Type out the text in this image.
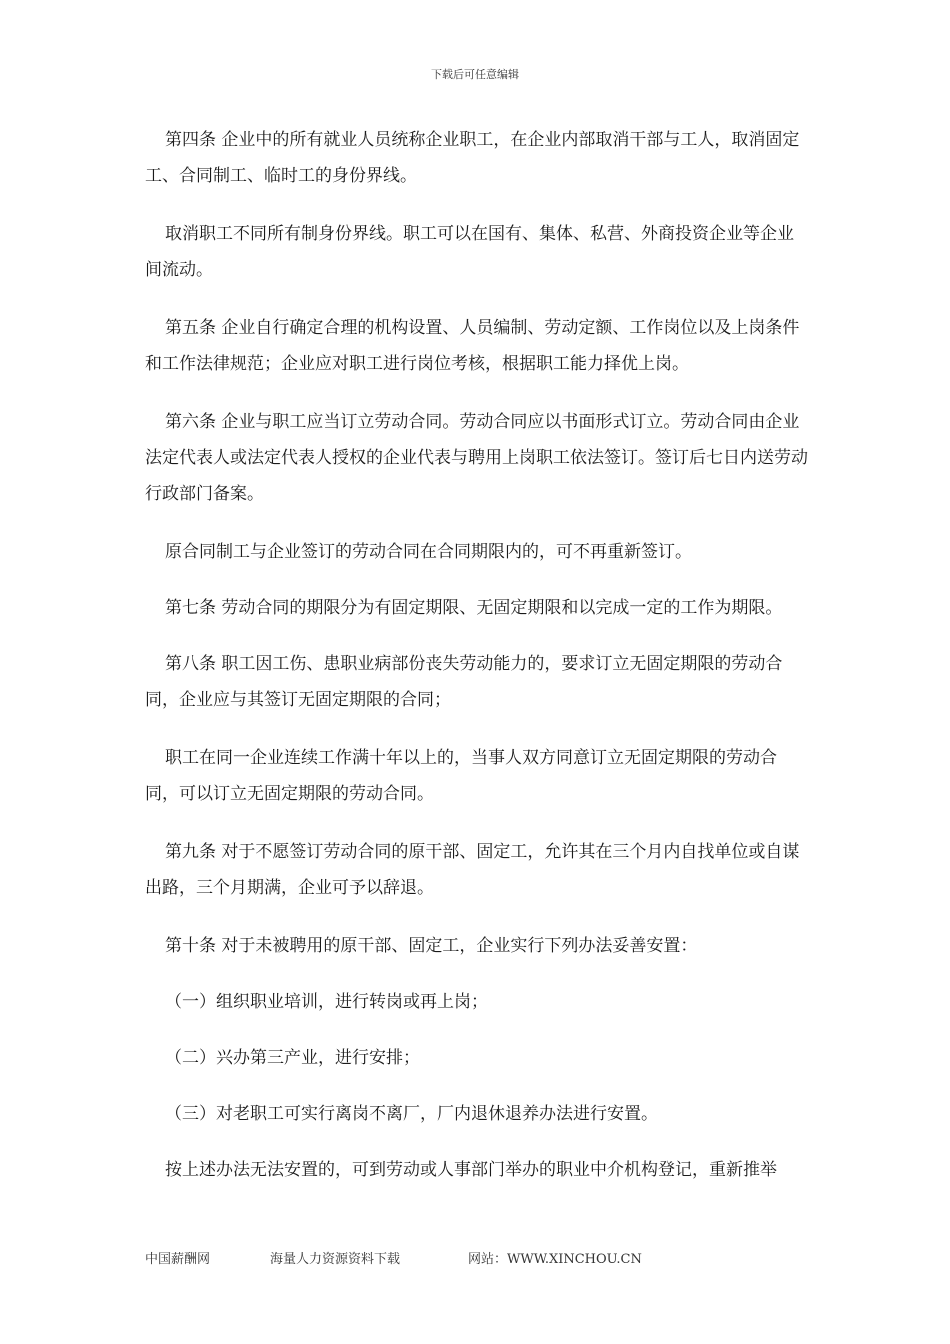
下载后可任意编辑

第四条 企业中的所有就业人员统称企业职工，在企业内部取消干部与工人，取消固定工、合同制工、临时工的身份界线。

取消职工不同所有制身份界线。职工可以在国有、集体、私营、外商投资企业等企业间流动。

第五条 企业自行确定合理的机构设置、人员编制、劳动定额、工作岗位以及上岗条件和工作法律规范；企业应对职工进行岗位考核，根据职工能力择优上岗。

第六条 企业与职工应当订立劳动合同。劳动合同应以书面形式订立。劳动合同由企业法定代表人或法定代表人授权的企业代表与聘用上岗职工依法签订。签订后七日内送劳动行政部门备案。

原合同制工与企业签订的劳动合同在合同期限内的，可不再重新签订。

第七条 劳动合同的期限分为有固定期限、无固定期限和以完成一定的工作为期限。

第八条 职工因工伤、患职业病部份丧失劳动能力的，要求订立无固定期限的劳动合同，企业应与其签订无固定期限的合同；

职工在同一企业连续工作满十年以上的，当事人双方同意订立无固定期限的劳动合同，可以订立无固定期限的劳动合同。

第九条 对于不愿签订劳动合同的原干部、固定工，允许其在三个月内自找单位或自谋出路，三个月期满，企业可予以辞退。

第十条 对于未被聘用的原干部、固定工，企业实行下列办法妥善安置：

（一）组织职业培训，进行转岗或再上岗；

（二）兴办第三产业，进行安排；

（三）对老职工可实行离岗不离厂，厂内退休退养办法进行安置。

按上述办法无法安置的，可到劳动或人事部门举办的职业中介机构登记，重新推举

中国薪酬网	海量人力资源资料下载	网站：WWW.XINCHOU.CN
